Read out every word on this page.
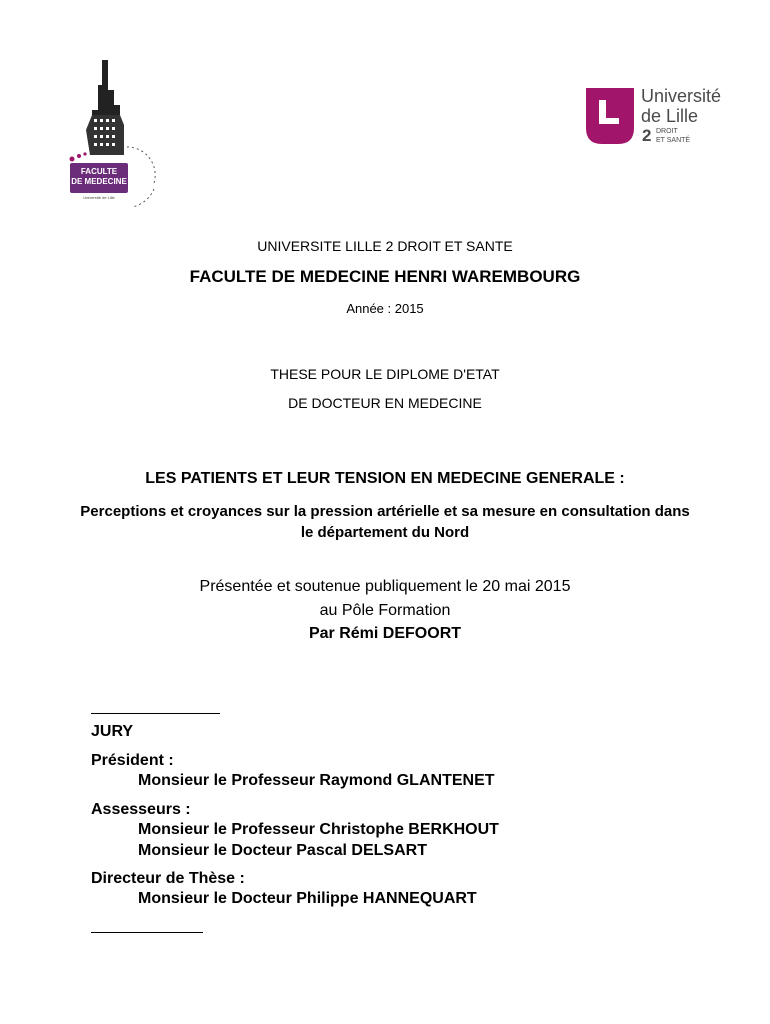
FACULTE
DE MEDECINE
Université de Lille
Université
de Lille
2 DROIT
ET SANTÉ
UNIVERSITE LILLE 2 DROIT ET SANTE
FACULTE DE MEDECINE HENRI WAREMBOURG
Année : 2015
THESE POUR LE DIPLOME D'ETAT
DE DOCTEUR EN MEDECINE
LES PATIENTS ET LEUR TENSION EN MEDECINE GENERALE :
Perceptions et croyances sur la pression artérielle et sa mesure en consultation dans le département du Nord
Présentée et soutenue publiquement le 20 mai 2015
au Pôle Formation
Par Rémi DEFOORT
JURY
Président :
Monsieur le Professeur Raymond GLANTENET
Assesseurs :
Monsieur le Professeur Christophe BERKHOUT
Monsieur le Docteur Pascal DELSART
Directeur de Thèse :
Monsieur le Docteur Philippe HANNEQUART
